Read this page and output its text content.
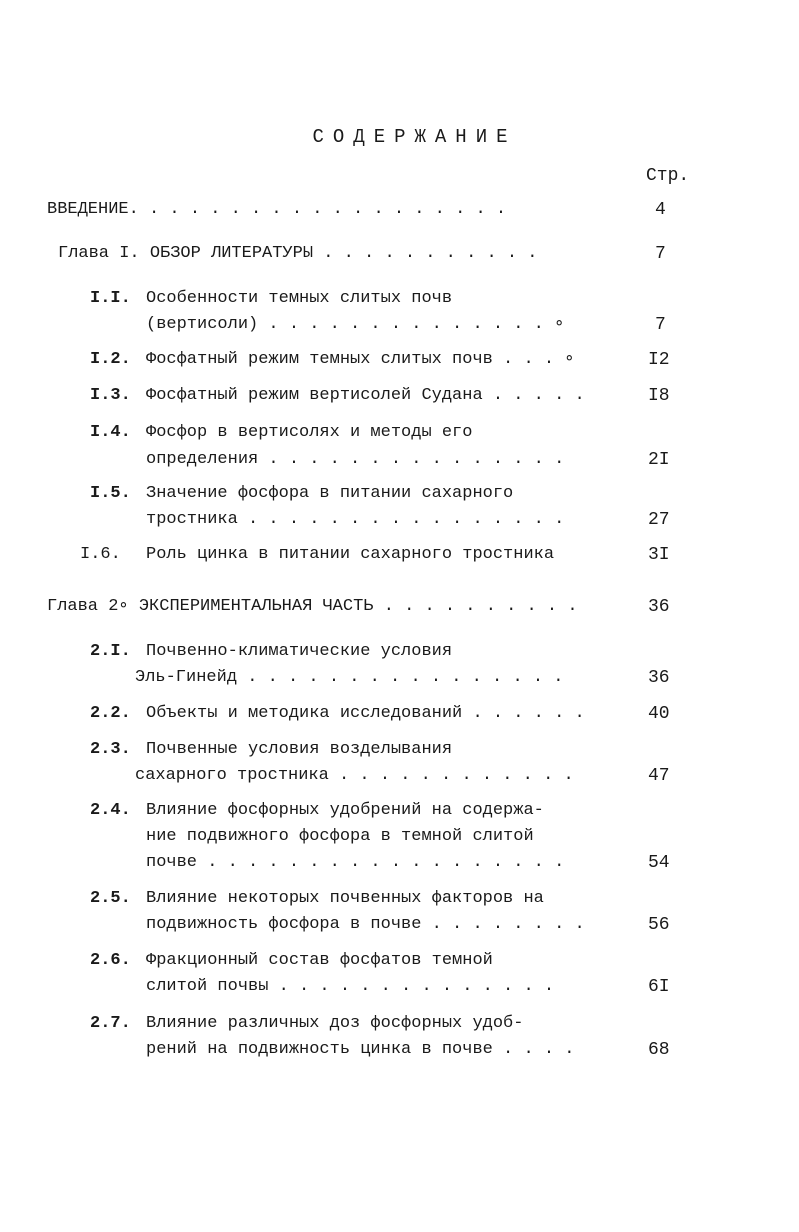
СОДЕРЖАНИЕ
Стр.
ВВЕДЕНИЕ. . . . . . . . . . . . . . . . . . .	4
Глава I. ОБЗОР ЛИТЕРАТУРЫ . . . . . . . . . . .	7
I.I. Особенности темных слитых почв
(вертисоли) . . . . . . . . . . . . . . ∘	7
I.2. Фосфатный режим темных слитых почв . . . ∘	I2
I.3. Фосфатный режим вертисолей Судана . . . . .	I8
I.4. Фосфор в вертисолях и методы его
определения . . . . . . . . . . . . . . .	2I
I.5. Значение фосфора в питании сахарного
тростника . . . . . . . . . . . . . . . .	27
I.6. Роль цинка в питании сахарного тростника	3I
Глава 2∘ ЭКСПЕРИМЕНТАЛЬНАЯ ЧАСТЬ . . . . . . . . . .	36
2.I. Почвенно-климатические условия
Эль-Гинейд . . . . . . . . . . . . . . . .	36
2.2. Объекты и методика исследований . . . . . .	40
2.3. Почвенные условия возделывания
сахарного тростника . . . . . . . . . . . .	47
2.4. Влияние фосфорных удобрений на содержа-
ние подвижного фосфора в темной слитой
почве . . . . . . . . . . . . . . . . . .	54
2.5. Влияние некоторых почвенных факторов на
подвижность фосфора в почве . . . . . . . .	56
2.6. Фракционный состав фосфатов темной
слитой почвы . . . . . . . . . . . . . .	6I
2.7. Влияние различных доз фосфорных удоб-
рений на подвижность цинка в почве . . . .	68
